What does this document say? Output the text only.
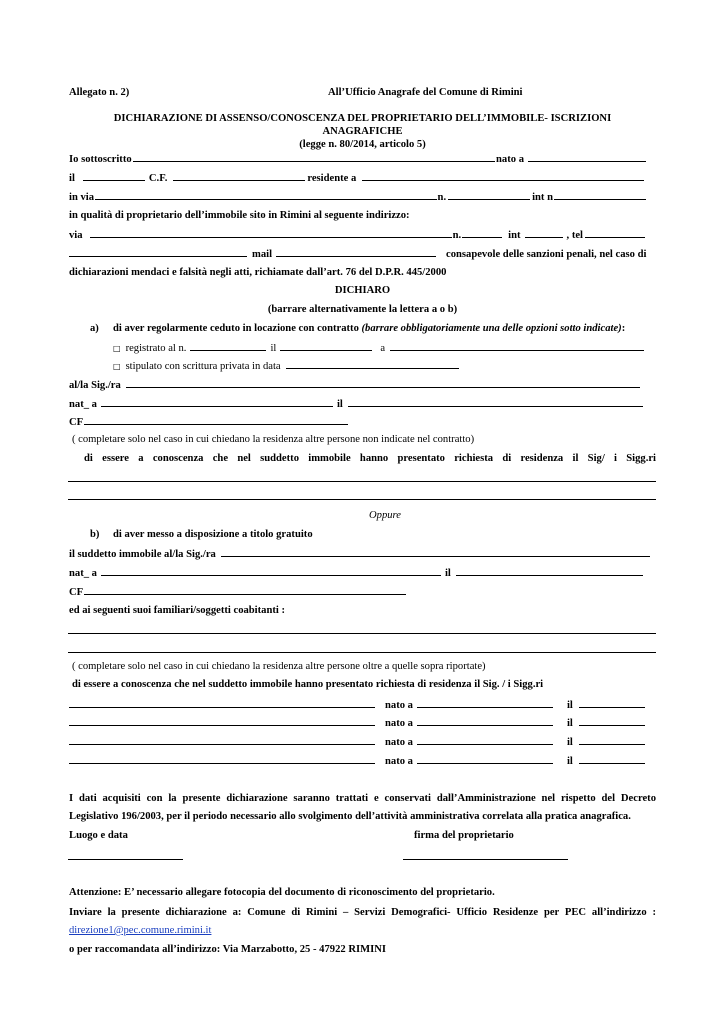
Allegato n. 2)	All’Ufficio Anagrafe del Comune di Rimini
DICHIARAZIONE DI ASSENSO/CONOSCENZA DEL PROPRIETARIO DELL’IMMOBILE- ISCRIZIONI
ANAGRAFICHE
(legge n. 80/2014, articolo 5)
Io sottoscritto	nato a
il	C.F.	residente a
in via	n.	int n
in qualità di proprietario dell’immobile sito in Rimini al seguente indirizzo:
via	n.	int	, tel
mail	consapevole delle sanzioni penali, nel caso di
dichiarazioni mendaci e falsità negli atti, richiamate dall’art. 76 del D.P.R. 445/2000
DICHIARO
(barrare alternativamente la lettera a o b)
a) di aver regolarmente ceduto in locazione con contratto (barrare obbligatoriamente una delle opzioni sotto indicate):
□ registrato al n.	il	a
□ stipulato con scrittura privata in data
al/la Sig./ra
nat_ a	il
CF
( completare solo nel caso in cui chiedano la residenza altre persone non indicate nel contratto)
di essere a conoscenza che nel suddetto immobile hanno presentato richiesta di residenza il Sig/ i Sigg.ri
Oppure
b) di aver messo a disposizione a titolo gratuito
il suddetto immobile al/la Sig./ra
nat_ a	il
CF
ed ai seguenti suoi familiari/soggetti coabitanti :
( completare solo nel caso in cui chiedano la residenza altre persone oltre a quelle sopra riportate)
di essere a conoscenza che nel suddetto immobile hanno presentato richiesta di residenza il Sig. / i Sigg.ri
nato a	il
nato a	il
nato a	il
nato a	il
I dati acquisiti con la presente dichiarazione saranno trattati e conservati dall’Amministrazione nel rispetto del Decreto
Legislativo 196/2003, per il periodo necessario allo svolgimento dell’attività amministrativa correlata alla pratica anagrafica.
Luogo e data	firma del proprietario
Attenzione: E’ necessario allegare fotocopia del documento di riconoscimento del proprietario.
Inviare la presente dichiarazione a: Comune di Rimini – Servizi Demografici- Ufficio Residenze per PEC all’indirizzo :
direzione1@pec.comune.rimini.it
o per raccomandata all’indirizzo: Via Marzabotto, 25 - 47922 RIMINI
